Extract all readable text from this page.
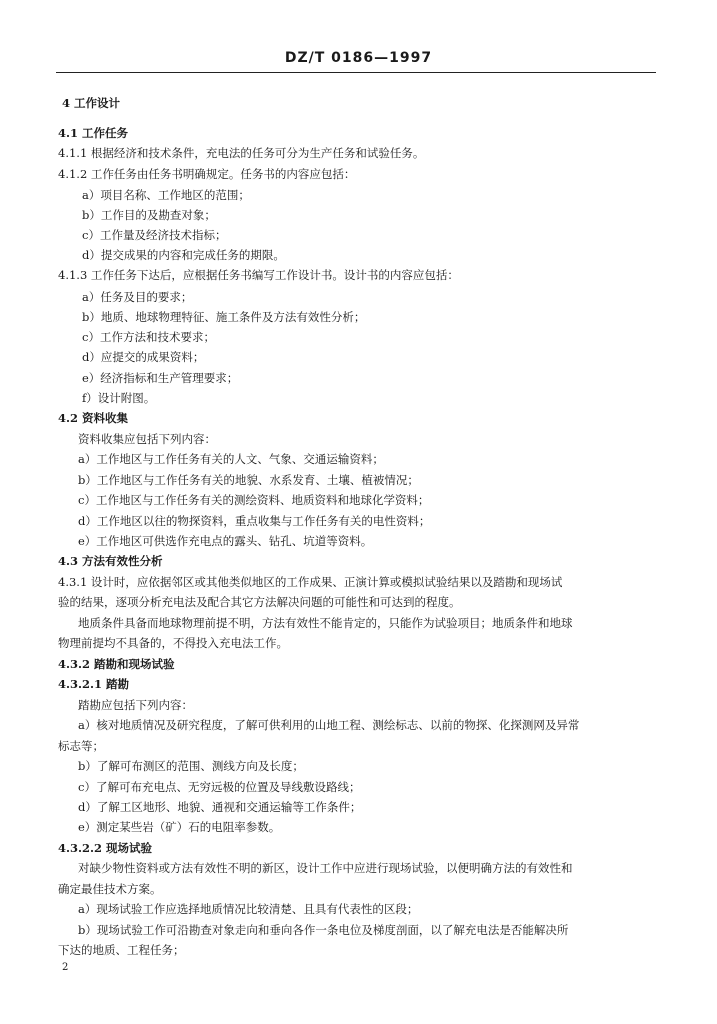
DZ/T 0186—1997
4 工作设计
4.1 工作任务
4.1.1 根据经济和技术条件，充电法的任务可分为生产任务和试验任务。
4.1.2 工作任务由任务书明确规定。任务书的内容应包括：
a）项目名称、工作地区的范围；
b）工作目的及勘查对象；
c）工作量及经济技术指标；
d）提交成果的内容和完成任务的期限。
4.1.3 工作任务下达后，应根据任务书编写工作设计书。设计书的内容应包括：
a）任务及目的要求；
b）地质、地球物理特征、施工条件及方法有效性分析；
c）工作方法和技术要求；
d）应提交的成果资料；
e）经济指标和生产管理要求；
f）设计附图。
4.2 资料收集
资料收集应包括下列内容：
a）工作地区与工作任务有关的人文、气象、交通运输资料；
b）工作地区与工作任务有关的地貌、水系发育、土壤、植被情况；
c）工作地区与工作任务有关的测绘资料、地质资料和地球化学资料；
d）工作地区以往的物探资料，重点收集与工作任务有关的电性资料；
e）工作地区可供选作充电点的露头、钻孔、坑道等资料。
4.3 方法有效性分析
4.3.1 设计时，应依据邻区或其他类似地区的工作成果、正演计算或模拟试验结果以及踏勘和现场试
验的结果，逐项分析充电法及配合其它方法解决问题的可能性和可达到的程度。
地质条件具备而地球物理前提不明，方法有效性不能肯定的，只能作为试验项目；地质条件和地球
物理前提均不具备的，不得投入充电法工作。
4.3.2 踏勘和现场试验
4.3.2.1 踏勘
踏勘应包括下列内容：
a）核对地质情况及研究程度，了解可供利用的山地工程、测绘标志、以前的物探、化探测网及异常
标志等；
b）了解可布测区的范围、测线方向及长度；
c）了解可布充电点、无穷远极的位置及导线敷设路线；
d）了解工区地形、地貌、通视和交通运输等工作条件；
e）测定某些岩（矿）石的电阻率参数。
4.3.2.2 现场试验
对缺少物性资料或方法有效性不明的新区，设计工作中应进行现场试验，以便明确方法的有效性和
确定最佳技术方案。
a）现场试验工作应选择地质情况比较清楚、且具有代表性的区段；
b）现场试验工作可沿勘查对象走向和垂向各作一条电位及梯度剖面，以了解充电法是否能解决所
下达的地质、工程任务；
2
